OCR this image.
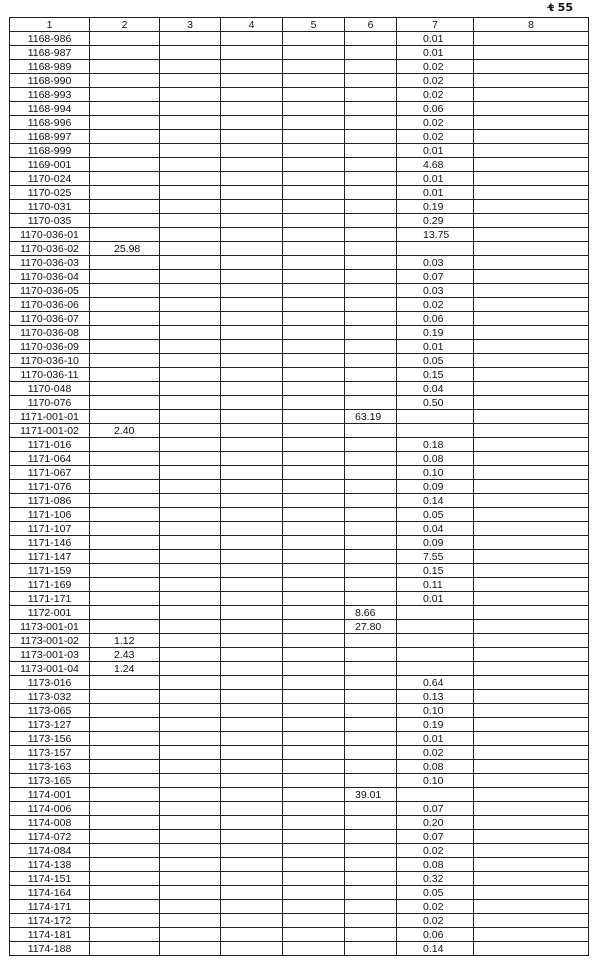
t̴ 55
1	2	3	4	5	6	7	8
1168-986						0.01	
1168-987						0.01	
1168-989						0.02	
1168-990						0.02	
1168-993						0.02	
1168-994						0.06	
1168-996						0.02	
1168-997						0.02	
1168-999						0.01	
1169-001						4.68	
1170-024						0.01	
1170-025						0.01	
1170-031						0.19	
1170-035						0.29	
1170-036-01						13.75	
1170-036-02	25.98						
1170-036-03						0.03	
1170-036-04						0.07	
1170-036-05						0.03	
1170-036-06						0.02	
1170-036-07						0.06	
1170-036-08						0.19	
1170-036-09						0.01	
1170-036-10						0.05	
1170-036-11						0.15	
1170-048						0.04	
1170-076						0.50	
1171-001-01					63.19		
1171-001-02	2.40						
1171-016						0.18	
1171-064						0.08	
1171-067						0.10	
1171-076						0.09	
1171-086						0.14	
1171-106						0.05	
1171-107						0.04	
1171-146						0.09	
1171-147						7.55	
1171-159						0.15	
1171-169						0.11	
1171-171						0.01	
1172-001					8.66		
1173-001-01					27.80		
1173-001-02	1.12						
1173-001-03	2.43						
1173-001-04	1.24						
1173-016						0.64	
1173-032						0.13	
1173-065						0.10	
1173-127						0.19	
1173-156						0.01	
1173-157						0.02	
1173-163						0.08	
1173-165						0.10	
1174-001					39.01		
1174-006						0.07	
1174-008						0.20	
1174-072						0.07	
1174-084						0.02	
1174-138						0.08	
1174-151						0.32	
1174-164						0.05	
1174-171						0.02	
1174-172						0.02	
1174-181						0.06	
1174-188						0.14	
